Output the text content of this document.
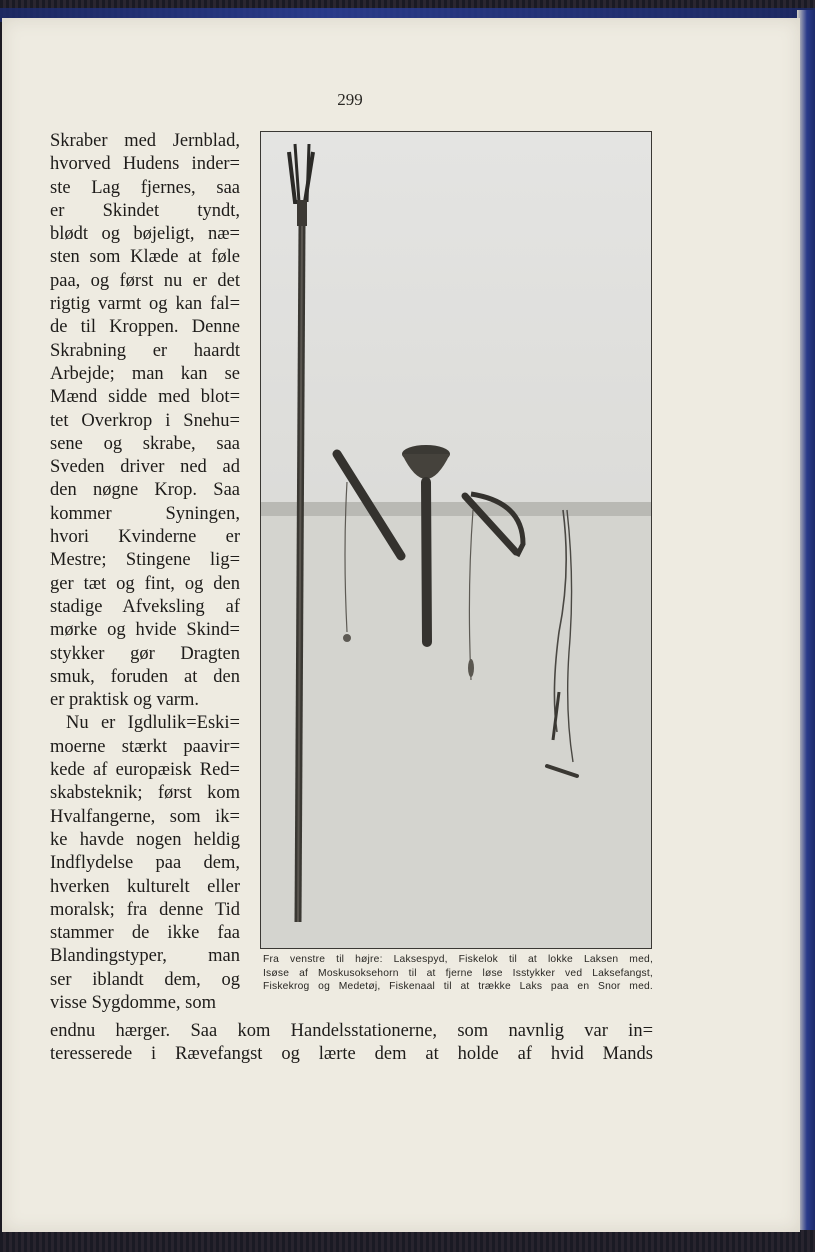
299
Skraber med Jernblad,
hvorved Hudens inder=
ste Lag fjernes, saa
er Skindet tyndt,
blødt og bøjeligt, næ=
sten som Klæde at føle
paa, og først nu er det
rigtig varmt og kan fal=
de til Kroppen. Denne
Skrabning er haardt
Arbejde; man kan se
Mænd sidde med blot=
tet Overkrop i Snehu=
sene og skrabe, saa
Sveden driver ned ad
den nøgne Krop. Saa
kommer Syningen,
hvori Kvinderne er
Mestre; Stingene lig=
ger tæt og fint, og den
stadige Afveksling af
mørke og hvide Skind=
stykker gør Dragten
smuk, foruden at den
er praktisk og varm.
Nu er Igdlulik=Eski=
moerne stærkt paavir=
kede af europæisk Red=
skabsteknik; først kom
Hvalfangerne, som ik=
ke havde nogen heldig
Indflydelse paa dem,
hverken kulturelt eller
moralsk; fra denne Tid
stammer de ikke faa
Blandingstyper, man
ser iblandt dem, og
visse Sygdomme, som
Fra venstre til højre: Laksespyd, Fiskelok til at lokke Laksen med,
Isøse af Moskusoksehorn til at fjerne løse Isstykker ved Laksefangst,
Fiskekrog og Medetøj, Fiskenaal til at trække Laks paa en Snor med.
endnu hærger. Saa kom Handelsstationerne, som navnlig var in=
teresserede i Rævefangst og lærte dem at holde af hvid Mands
